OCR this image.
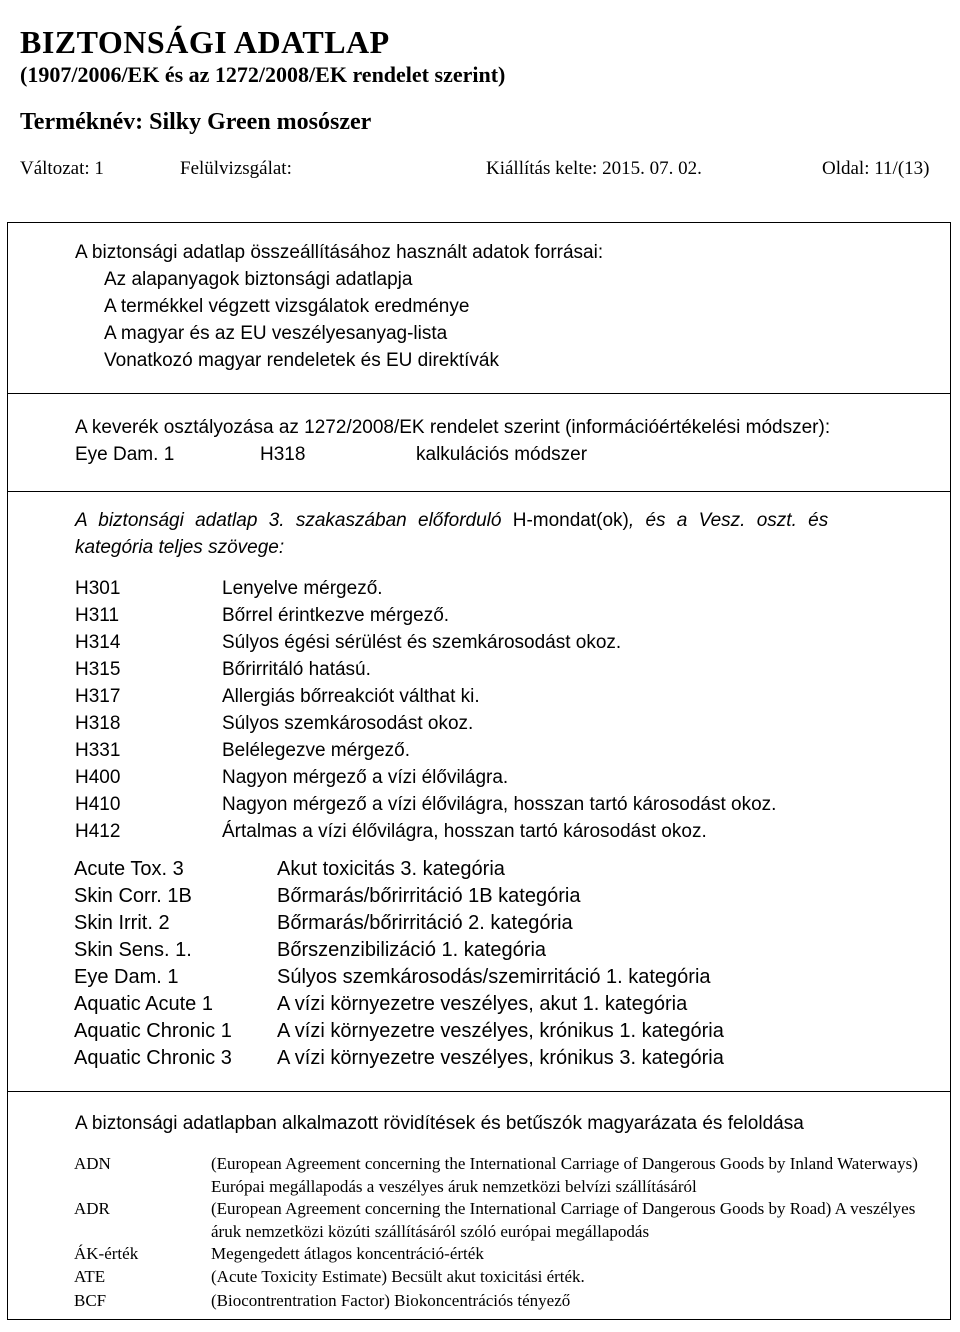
BIZTONSÁGI ADATLAP
(1907/2006/EK és az 1272/2008/EK rendelet szerint)
Terméknév: Silky Green mosószer
Változat: 1	Felülvizsgálat:	Kiállítás kelte: 2015. 07. 02.	Oldal: 11/(13)
A biztonsági adatlap összeállításához használt adatok forrásai:
Az alapanyagok biztonsági adatlapja
A termékkel végzett vizsgálatok eredménye
A magyar és az EU veszélyesanyag-lista
Vonatkozó magyar rendeletek és EU direktívák
A keverék osztályozása az 1272/2008/EK rendelet szerint (információértékelési módszer):
Eye Dam. 1	H318	kalkulációs módszer
A biztonsági adatlap 3. szakaszában előforduló H-mondat(ok), és a Vesz. oszt. és
kategória teljes szövege:
H301	Lenyelve mérgező.
H311	Bőrrel érintkezve mérgező.
H314	Súlyos égési sérülést és szemkárosodást okoz.
H315	Bőrirritáló hatású.
H317	Allergiás bőrreakciót válthat ki.
H318	Súlyos szemkárosodást okoz.
H331	Belélegezve mérgező.
H400	Nagyon mérgező a vízi élővilágra.
H410	Nagyon mérgező a vízi élővilágra, hosszan tartó károsodást okoz.
H412	Ártalmas a vízi élővilágra, hosszan tartó károsodást okoz.
Acute Tox. 3	Akut toxicitás 3. kategória
Skin Corr. 1B	Bőrmarás/bőrirritáció 1B kategória
Skin Irrit. 2	Bőrmarás/bőrirritáció 2. kategória
Skin Sens. 1.	Bőrszenzibilizáció 1. kategória
Eye Dam. 1	Súlyos szemkárosodás/szemirritáció 1. kategória
Aquatic Acute 1	A vízi környezetre veszélyes, akut 1. kategória
Aquatic Chronic 1 A vízi környezetre veszélyes, krónikus 1. kategória
Aquatic Chronic 3 A vízi környezetre veszélyes, krónikus 3. kategória
A biztonsági adatlapban alkalmazott rövidítések és betűszók magyarázata és feloldása
ADN	(European Agreement concerning the International Carriage of Dangerous Goods by Inland Waterways) Európai megállapodás a veszélyes áruk nemzetközi belvízi szállításáról
ADR	(European Agreement concerning the International Carriage of Dangerous Goods by Road) A veszélyes áruk nemzetközi közúti szállításáról szóló európai megállapodás
ÁK-érték	Megengedett átlagos koncentráció-érték
ATE	(Acute Toxicity Estimate) Becsült akut toxicitási érték.
BCF	(Biocontrentration Factor) Biokoncentrációs tényező
